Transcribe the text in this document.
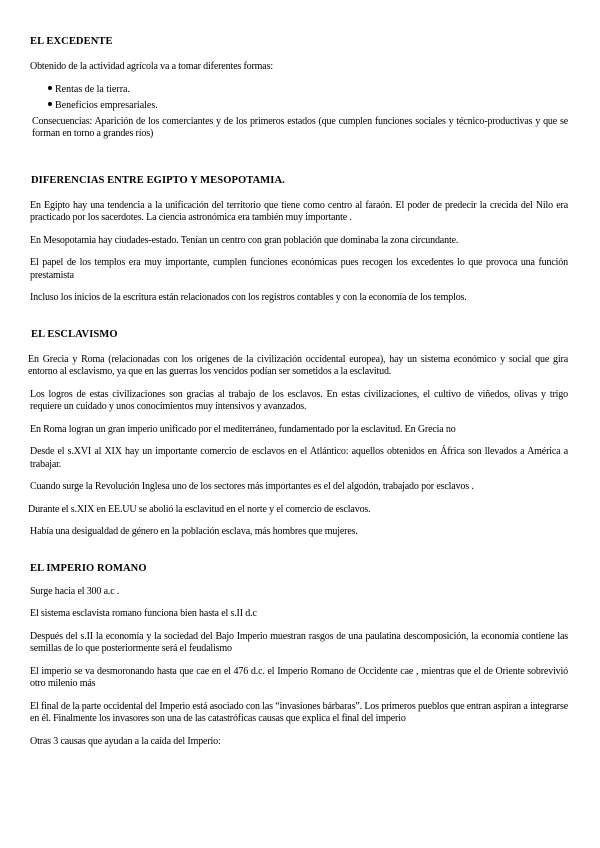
EL EXCEDENTE

Obtenido de la actividad agrícola va a tomar diferentes formas:

Rentas de la tierra.
Beneficios empresariales.

Consecuencias: Aparición de los comerciantes y de los primeros estados (que cumplen funciones sociales y técnico-productivas y que se forman en torno a grandes ríos)

DIFERENCIAS ENTRE EGIPTO Y MESOPOTAMIA.

En Egipto hay una tendencia a la unificación del territorio que tiene como centro al faraón. El poder de predecir la crecida del Nilo era practicado por los sacerdotes. La ciencia astronómica era también muy importante .

En Mesopotamia hay ciudades-estado. Tenían un centro con gran población que dominaba la zona circundante.

El papel de los templos era muy importante, cumplen funciones económicas pues recogen los excedentes lo que provoca una función prestamista

Incluso los inicios de la escritura están relacionados con los registros contables y con la economía de los templos.

EL ESCLAVISMO

En Grecia y Roma (relacionadas con los orígenes de la civilización occidental europea), hay un sistema económico y social que gira entorno al esclavismo, ya que en las guerras los vencidos podían ser sometidos a la esclavitud.

Los logros de estas civilizaciones son gracias al trabajo de los esclavos. En estas civilizaciones, el cultivo de viñedos, olivas y trigo requiere un cuidado y unos conocimientos muy intensivos y avanzados.

En Roma logran un gran imperio unificado por el mediterráneo, fundamentado por la esclavitud. En Grecia no

Desde el s.XVI al XIX hay un importante comercio de esclavos en el Atlántico: aquellos obtenidos en África son llevados a América a trabajar.

Cuando surge la Revolución Inglesa uno de los sectores más importantes es el del algodón, trabajado por esclavos .

Durante el s.XIX en EE.UU se abolió la esclavitud en el norte y el comercio de esclavos.

Había una desigualdad de género en la población esclava, más hombres que mujeres.

EL IMPERIO ROMANO

Surge hacia el 300 a.c .

El sistema esclavista romano funciona bien hasta el s.II d.c

Después del s.II la economía y la sociedad del Bajo Imperio muestran rasgos de una paulatina descomposición, la economía contiene las semillas de lo que posteriormente será el feudalismo

El imperio se va desmoronando hasta que cae en el 476 d.c. el Imperio Romano de Occidente cae , mientras que el de Oriente sobrevivió otro milenio más

El final de la parte occidental del Imperio está asociado con las “invasiones bárbaras”. Los primeros pueblos que entran aspiran a integrarse en él. Finalmente los invasores son una de las catastróficas causas que explica el final del imperio

Otras 3 causas que ayudan a la caída del Imperio:
